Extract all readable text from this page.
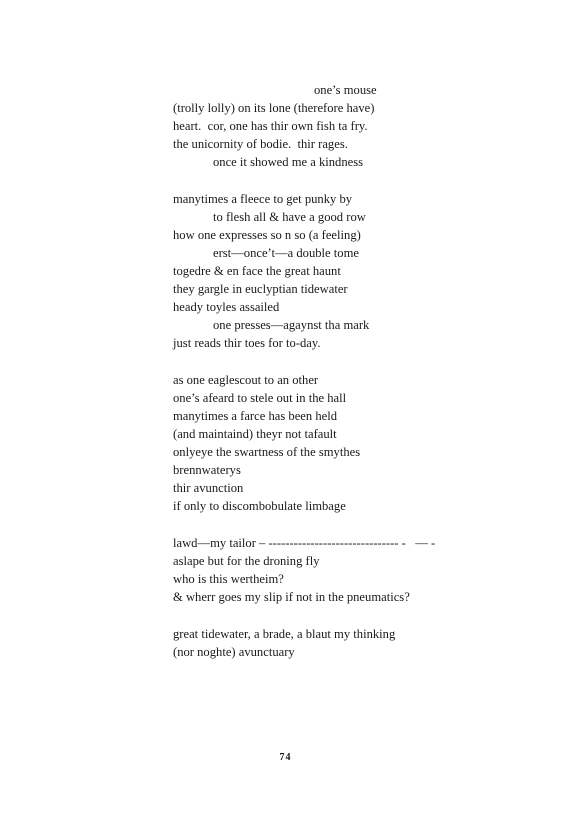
one’s mouse
(trolly lolly) on its lone (therefore have)
heart.  cor, one has thir own fish ta fry.
the unicornity of bodie.  thir rages.
once it showed me a kindness
manytimes a fleece to get punky by
to flesh all & have a good row
how one expresses so n so (a feeling)
erst—once’t—a double tome
togedre & en face the great haunt
they gargle in euclyptian tidewater
heady toyles assailed
one presses—agaynst tha mark
just reads thir toes for to-day.
as one eaglescout to an other
one’s afeard to stele out in the hall
manytimes a farce has been held
(and maintaind) theyr not tafault
onlyeye the swartness of the smythes
brennwaterys
thir avunction
if only to discombobulate limbage
lawd—my tailor – ------------------------------- -   — -
aslape but for the droning fly
who is this wertheim?
& wherr goes my slip if not in the pneumatics?
great tidewater, a brade, a blaut my thinking
(nor noghte) avunctuary
74
